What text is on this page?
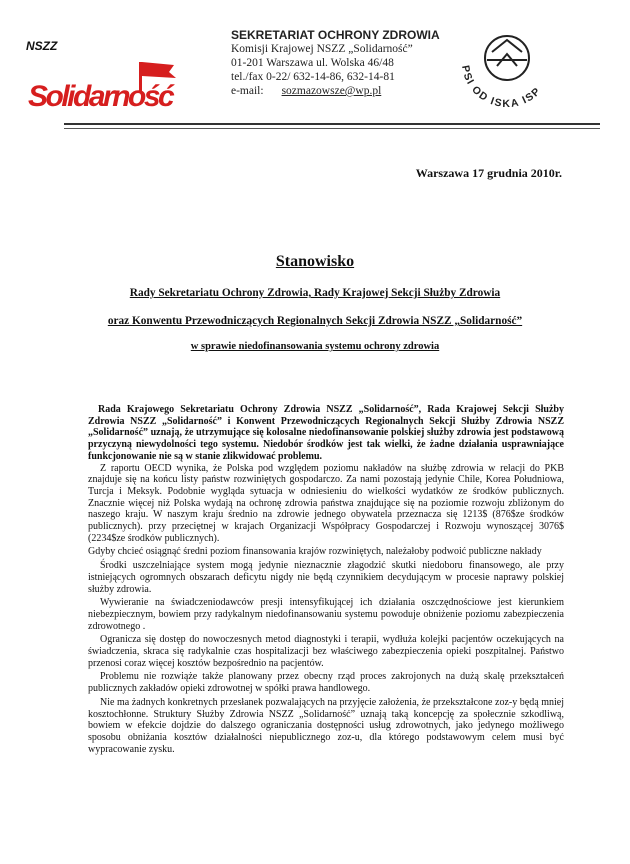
NSZZ
Solidarność
SEKRETARIAT OCHRONY ZDROWIA
Komisji Krajowej NSZZ „Solidarność”
01-201 Warszawa ul. Wolska 46/48
tel./fax 0-22/ 632-14-86, 632-14-81
e-mail: sozmazowsze@wp.pl
PSI OD ISKA ISP
Warszawa 17 grudnia 2010r.
Stanowisko
Rady Sekretariatu Ochrony Zdrowia, Rady Krajowej Sekcji Służby Zdrowia
oraz Konwentu Przewodniczących Regionalnych Sekcji Zdrowia NSZZ „Solidarność”
w sprawie niedofinansowania systemu ochrony zdrowia

Rada Krajowego Sekretariatu Ochrony Zdrowia NSZZ „Solidarność”, Rada Krajowej Sekcji Służby Zdrowia NSZZ „Solidarność” i Konwent Przewodniczących Regionalnych Sekcji Służby Zdrowia NSZZ „Solidarność” uznają, że utrzymujące się kolosalne niedofinansowanie polskiej służby zdrowia jest podstawową przyczyną niewydolności tego systemu. Niedobór środków jest tak wielki, że żadne działania usprawniające funkcjonowanie nie są w stanie zlikwidować problemu.

Z raportu OECD wynika, że Polska pod względem poziomu nakładów na służbę zdrowia w relacji do PKB znajduje się na końcu listy państw rozwiniętych gospodarczo. Za nami pozostają jedynie Chile, Korea Południowa, Turcja i Meksyk. Podobnie wygląda sytuacja w odniesieniu do wielkości wydatków ze środków publicznych. Znacznie więcej niż Polska wydają na ochronę zdrowia państwa znajdujące się na poziomie rozwoju zbliżonym do naszego kraju. W naszym kraju średnio na zdrowie jednego obywatela przeznacza się 1213$ (876$ze środków publicznych). przy przeciętnej w krajach Organizacji Współpracy Gospodarczej i Rozwoju wynoszącej 3076$ (2234$ze środków publicznych).

Gdyby chcieć osiągnąć średni poziom finansowania krajów rozwiniętych, należałoby podwoić publiczne nakłady

Środki uszczelniające system mogą jedynie nieznacznie złagodzić skutki niedoboru finansowego, ale przy istniejących ogromnych obszarach deficytu nigdy nie będą czynnikiem decydującym w procesie naprawy polskiej służby zdrowia.

Wywieranie na świadczeniodawców presji intensyfikującej ich działania oszczędnościowe jest kierunkiem niebezpiecznym, bowiem przy radykalnym niedofinansowaniu systemu powoduje obniżenie poziomu zabezpieczenia zdrowotnego .

Ogranicza się dostęp do nowoczesnych metod diagnostyki i terapii, wydłuża kolejki pacjentów oczekujących na świadczenia, skraca się radykalnie czas hospitalizacji bez właściwego zabezpieczenia opieki poszpitalnej. Państwo przenosi coraz więcej kosztów bezpośrednio na pacjentów.

Problemu nie rozwiąże także planowany przez obecny rząd proces zakrojonych na dużą skalę przekształceń publicznych zakładów opieki zdrowotnej w spółki prawa handlowego.

Nie ma żadnych konkretnych przesłanek pozwalających na przyjęcie założenia, że przekształcone zoz-y będą mniej kosztochłonne. Struktury Służby Zdrowia NSZZ „Solidarność” uznają taką koncepcję za społecznie szkodliwą, bowiem w efekcie dojdzie do dalszego ograniczania dostępności usług zdrowotnych, jako jedynego możliwego sposobu obniżania kosztów działalności niepublicznego zoz-u, dla którego podstawowym celem musi być wypracowanie zysku.
